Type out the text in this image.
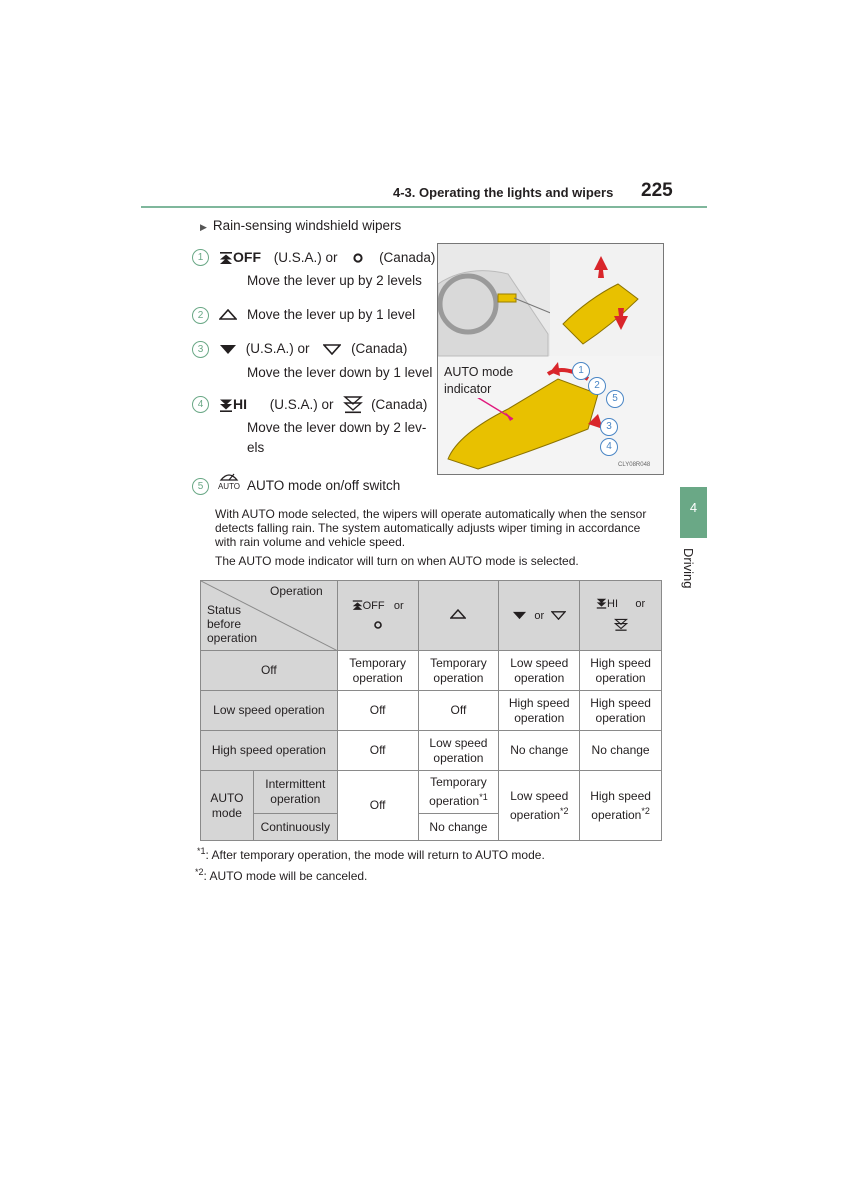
4-3. Operating the lights and wipers 225
4
Driving
▶ Rain-sensing windshield wipers
1	OFF (U.S.A.) or	(Canada)
Move the lever up by 2 levels
2	Move the lever up by 1 level
3	(U.S.A.) or	(Canada)
Move the lever down by 1 level
4	HI (U.S.A.) or	(Canada)
Move the lever down by 2 lev-
els
5	AUTO AUTO mode on/off switch
AUTO mode
indicator
1
2
5
3
4
CLY08R048
With AUTO mode selected, the wipers will operate automatically when the sensor detects falling rain. The system automatically adjusts wiper timing in accordance with rain volume and vehicle speed.
The AUTO mode indicator will turn on when AUTO mode is selected.
Operation
Status
before
operation		OFF or		or	HI or

Off		Temporary operation	Temporary operation	Low speed operation	High speed operation
Low speed operation		Off	Off	High speed operation	High speed operation
High speed operation		Off	Low speed operation	No change	No change
AUTO mode	Intermittent operation	Off	Temporary operation$^{*1}$	Low speed operation$^{*2}$	High speed operation$^{*2}$
	Continuously		No change		
$^{*1}$: After temporary operation, the mode will return to AUTO mode.
$^{*2}$: AUTO mode will be canceled.
